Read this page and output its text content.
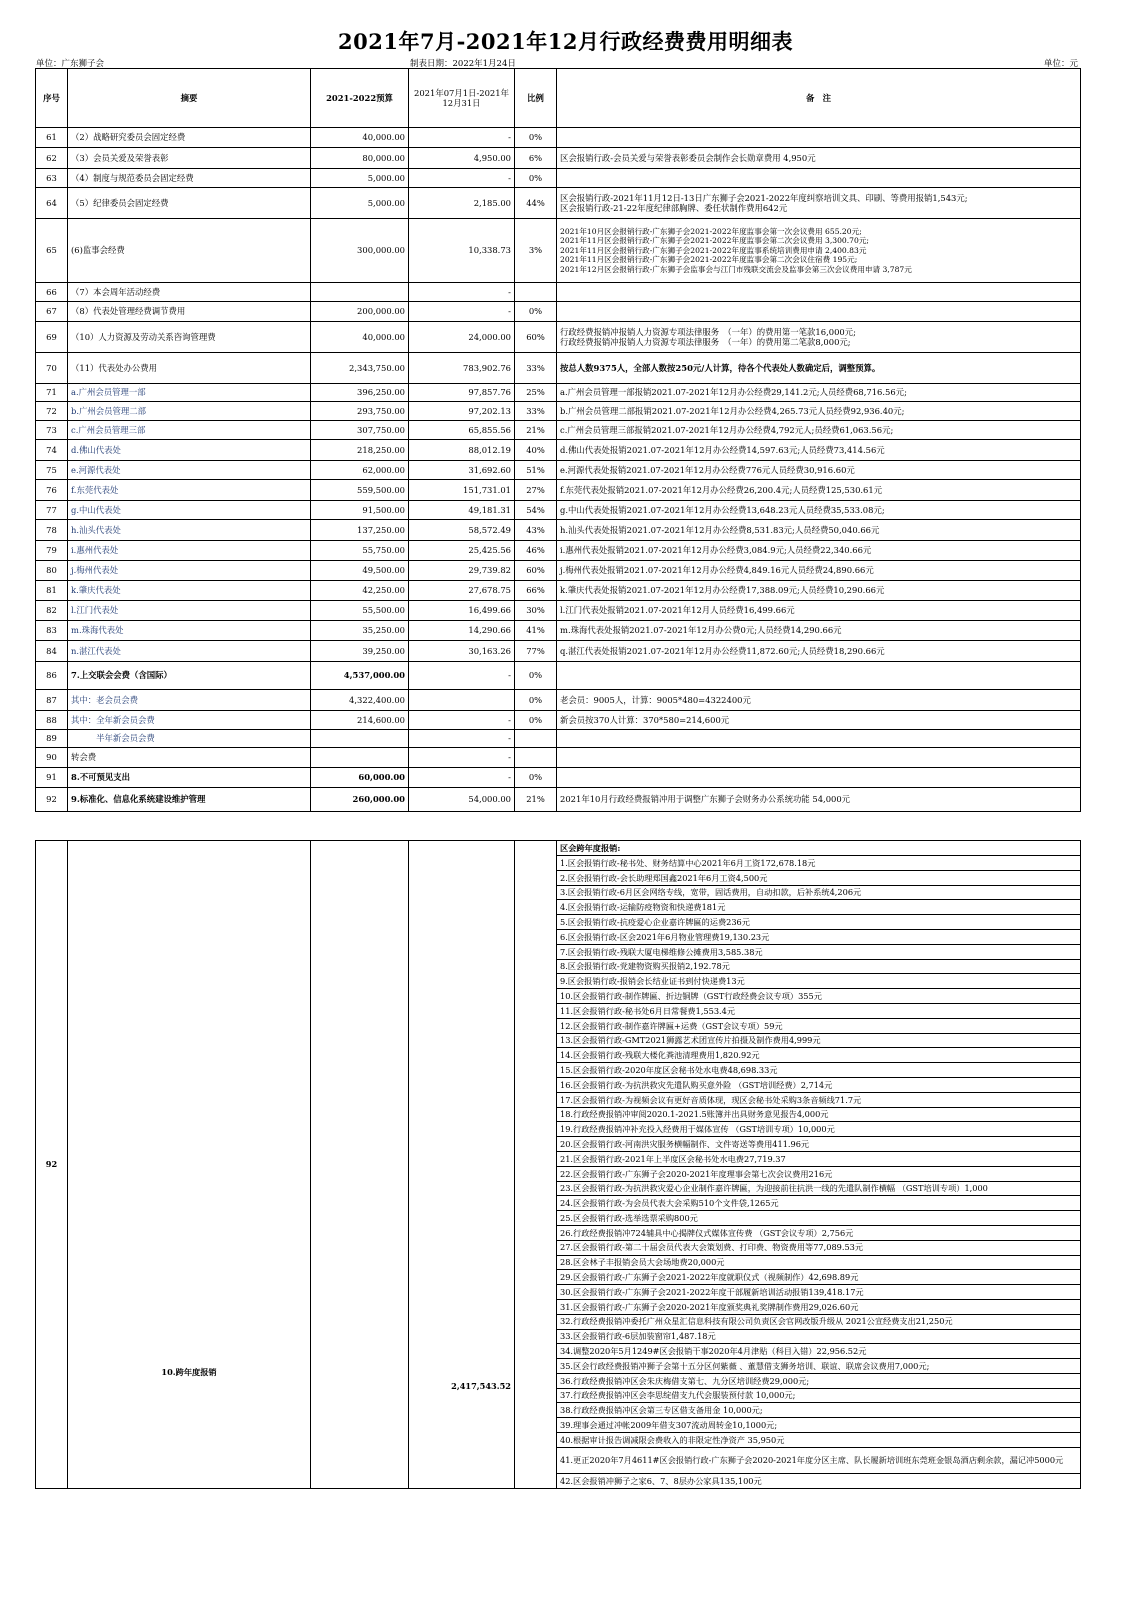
2021年7月-2021年12月行政经费费用明细表
单位：广东狮子会	制表日期：2022年1月24日	单位：元
序号	摘要	2021-2022预算	2021年07月1日-2021年12月31日	比例	备　注
61	（2）战略研究委员会固定经费	40,000.00	-	0%	
62	（3）会员关爱及荣誉表彰	80,000.00	4,950.00	6%	区会报销行政-会员关爱与荣誉表彰委员会制作会长勋章费用 4,950元

63	（4）制度与规范委员会固定经费	5,000.00	-	0%	
64	（5）纪律委员会固定经费	5,000.00	2,185.00	44%	区会报销行政-2021年11月12日-13日广东狮子会2021-2022年度纠察培训文具、印刷、等费用报销1,543元;
区会报销行政-21-22年度纪律部胸牌、委任状制作费用642元

65	(6)监事会经费	300,000.00	10,338.73	3%	2021年10月区会报销行政-广东狮子会2021-2022年度监事会第一次会议费用 655.20元;
2021年11月区会报销行政-广东狮子会2021-2022年度监事会第二次会议费用 3,300.70元;
2021年11月区会报销行政-广东狮子会2021-2022年度监事系统培训费用申请 2,400.83元
2021年11月区会报销行政-广东狮子会2021-2022年度监事会第二次会议住宿费 195元;
2021年12月区会报销行政-广东狮子会监事会与江门市残联交流会及监事会第三次会议费用申请 3,787元

66	（7）本会周年活动经费		-		
67	（8）代表处管理经费调节费用	200,000.00	-	0%	
69	（10）人力资源及劳动关系咨询管理费	40,000.00	24,000.00	60%	行政经费报销冲报销人力资源专项法律服务　（一年）的费用第一笔款16,000元;
行政经费报销冲报销人力资源专项法律服务　（一年）的费用第二笔款8,000元;

70	（11）代表处办公费用	2,343,750.00	783,902.76	33%	按总人数9375人，全部人数按250元/人计算，待各个代表处人数确定后，调整预算。

71	a.广州会员管理一部	396,250.00	97,857.76	25%	a.广州会员管理一部报销2021.07-2021年12月办公经费29,141.2元;人员经费68,716.56元;

72	b.广州会员管理二部	293,750.00	97,202.13	33%	b.广州会员管理二部报销2021.07-2021年12月办公经费4,265.73元人员经费92,936.40元;

73	c.广州会员管理三部	307,750.00	65,855.56	21%	c.广州会员管理三部报销2021.07-2021年12月办公经费4,792元人;员经费61,063.56元;

74	d.佛山代表处	218,250.00	88,012.19	40%	d.佛山代表处报销2021.07-2021年12月办公经费14,597.63元;人员经费73,414.56元

75	e.河源代表处	62,000.00	31,692.60	51%	e.河源代表处报销2021.07-2021年12月办公经费776元人员经费30,916.60元

76	f.东莞代表处	559,500.00	151,731.01	27%	f.东莞代表处报销2021.07-2021年12月办公经费26,200.4元;人员经费125,530.61元

77	g.中山代表处	91,500.00	49,181.31	54%	g.中山代表处报销2021.07-2021年12月办公经费13,648.23元人员经费35,533.08元;

78	h.汕头代表处	137,250.00	58,572.49	43%	h.汕头代表处报销2021.07-2021年12月办公经费8,531.83元;人员经费50,040.66元

79	i.惠州代表处	55,750.00	25,425.56	46%	i.惠州代表处报销2021.07-2021年12月办公经费3,084.9元;人员经费22,340.66元

80	j.梅州代表处	49,500.00	29,739.82	60%	j.梅州代表处报销2021.07-2021年12月办公经费4,849.16元人员经费24,890.66元

81	k.肇庆代表处	42,250.00	27,678.75	66%	k.肇庆代表处报销2021.07-2021年12月办公经费17,388.09元;人员经费10,290.66元

82	l.江门代表处	55,500.00	16,499.66	30%	l.江门代表处报销2021.07-2021年12月人员经费16,499.66元

83	m.珠海代表处	35,250.00	14,290.66	41%	m.珠海代表处报销2021.07-2021年12月办公费0元;人员经费14,290.66元

84	n.湛江代表处	39,250.00	30,163.26	77%	q.湛江代表处报销2021.07-2021年12月办公经费11,872.60元;人员经费18,290.66元

86	7.上交联会会费（含国际）	4,537,000.00	-	0%	
87	其中：老会员会费	4,322,400.00		0%	老会员：9005人，计算：9005*480=4322400元

88	其中：全年新会员会费	214,600.00	-	0%	新会员按370人计算：370*580=214,600元

89	　　　半年新会员会费		-		
90	转会费		-		
91	8.不可预见支出	60,000.00	-	0%	
92	9.标准化、信息化系统建设维护管理	260,000.00	54,000.00	21%	2021年10月行政经费报销冲用于调整广东狮子会财务办公系统功能 54,000元
92	10.跨年度报销		2,417,543.52		区会跨年度报销:
1.区会报销行政-秘书处、财务结算中心2021年6月工资172,678.18元
2.区会报销行政-会长助理郑国鑫2021年6月工资4,500元
3.区会报销行政-6月区会网络专线，宽带，固话费用，自动扣款，后补系统4,206元
4.区会报销行政-运输防疫物资和快递费181元
5.区会报销行政-抗疫爱心企业嘉许牌匾的运费236元
6.区会报销行政-区会2021年6月物业管理费19,130.23元
7.区会报销行政-残联大厦电梯维修公摊费用3,585.38元
8.区会报销行政-党建物资购买报销2,192.78元
9.区会报销行政-报销会长结业证书到付快递费13元
10.区会报销行政-制作牌匾、折边铜牌（GST行政经费会议专项）355元
11.区会报销行政-秘书处6月日常餐费1,553.4元
12.区会报销行政-制作嘉许牌匾+运费（GST会议专项）59元
13.区会报销行政-GMT2021狮露艺术团宣传片拍摄及制作费用4,999元
14.区会报销行政-残联大楼化粪池清理费用1,820.92元
15.区会报销行政-2020年度区会秘书处水电费48,698.33元
16.区会报销行政-为抗洪救灾先遣队购买意外险 （GST培训经费）2,714元
17.区会报销行政-为视频会议有更好音质体现，现区会秘书处采购3条音频线71.7元
18.行政经费报销冲审阅2020.1-2021.5账簿并出具财务意见报告4,000元
19.行政经费报销冲补充投入经费用于媒体宣传 （GST培训专项）10,000元
20.区会报销行政-河南洪灾服务横幅制作、文件寄送等费用411.96元
21.区会报销行政-2021年上半度区会秘书处水电费27,719.37
22.区会报销行政-广东狮子会2020-2021年度理事会第七次会议费用216元
23.区会报销行政-为抗洪救灾爱心企业制作嘉许牌匾，为迎接前往抗洪一线的先遣队制作横幅 （GST培训专项）1,000
24.区会报销行政-为会员代表大会采购510个文件袋,1265元
25.区会报销行政-选举选票采购800元
26.行政经费报销冲724辅具中心揭牌仪式媒体宣传费 （GST会议专项）2,756元
27.区会报销行政-第二十届会员代表大会策划费、打印费、物资费用等77,089.53元
28.区会林子丰报销会员大会场地费20,000元
29.区会报销行政-广东狮子会2021-2022年度就职仪式（视频制作）42,698.89元
30.区会报销行政-广东狮子会2021-2022年度干部履新培训活动报销139,418.17元
31.区会报销行政-广东狮子会2020-2021年度颁奖典礼奖牌制作费用29,026.60元
32.行政经费报销冲委托广州众星汇信息科技有限公司负责区会官网改版升级从 2021公宣经费支出21,250元
33.区会报销行政-6层加装窗帘1,487.18元
34.调整2020年5月1249#区会报销干事2020年4月津贴（科目入错）22,956.52元
35.区会行政经费报销冲狮子会第十五分区何紫薇 、董慧借支狮务培训、联谊、联席会议费用7,000元;
36.行政经费报销冲区会朱庆梅借支第七、九分区培训经费29,000元;
37.行政经费报销冲区会李思绽借支九代会服装预付款 10,000元;
38.行政经费报销冲区会第三专区借支备用金 10,000元;
39.理事会通过冲帐2009年借支307流动周转金10,1000元;
40.根据审计报告调减限会费收入的非限定性净资产 35,950元
41.更正2020年7月4611#区会报销行政-广东狮子会2020-2021年度分区主席、队长履新培训班东莞班金银岛酒店剩余款，漏记冲5000元
42.区会报销冲狮子之家6、7、8层办公家具135,100元
